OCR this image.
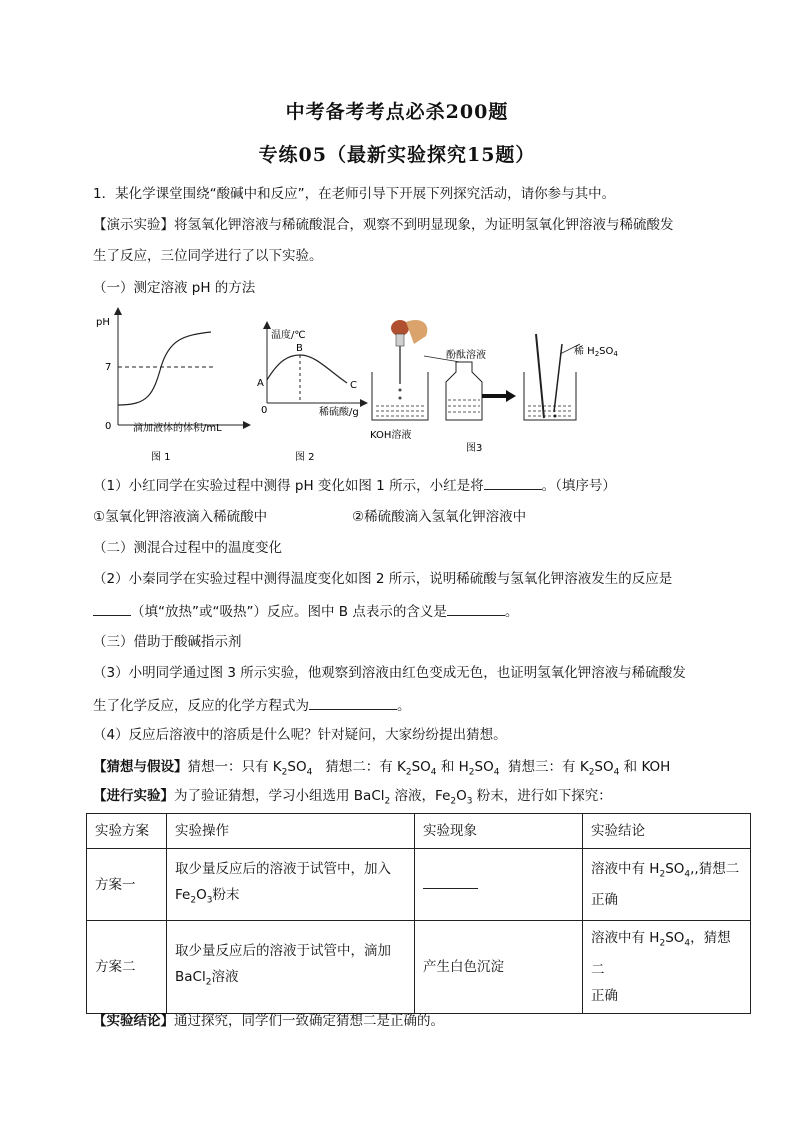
中考备考考点必杀200题
专练05（最新实验探究15题）
1．某化学课堂围绕“酸碱中和反应”，在老师引导下开展下列探究活动，请你参与其中。
【演示实验】将氢氧化钾溶液与稀硫酸混合，观察不到明显现象，为证明氢氧化钾溶液与稀硫酸发
生了反应，三位同学进行了以下实验。
（一）测定溶液 pH 的方法
pH
7
0 滴加液体的体积/mL
图 1
温度/℃
A
B
C
0	稀硫酸/g
图 2
KOH溶液
酚酞溶液
图3
稀 $H_2SO_4$
（1）小红同学在实验过程中测得 pH 变化如图 1 所示，小红是将	。（填序号）
①氢氧化钾溶液滴入稀硫酸中	②稀硫酸滴入氢氧化钾溶液中
（二）测混合过程中的温度变化
（2）小秦同学在实验过程中测得温度变化如图 2 所示，说明稀硫酸与氢氧化钾溶液发生的反应是
（填“放热”或“吸热”）反应。图中 B 点表示的含义是	。
（三）借助于酸碱指示剂
（3）小明同学通过图 3 所示实验，他观察到溶液由红色变成无色，也证明氢氧化钾溶液与稀硫酸发
生了化学反应，反应的化学方程式为	。
（4）反应后溶液中的溶质是什么呢？针对疑问，大家纷纷提出猜想。
【猜想与假设】猜想一：只有 $K_2SO_4$ 猜想二：有 $K_2SO_4$ 和 $H_2SO_4$ 猜想三：有 $K_2SO_4$ 和 KOH
【进行实验】为了验证猜想，学习小组选用 BaCl$_2$ 溶液，$Fe_2O_3$ 粉末，进行如下探究：
实验方案	实验操作	实验现象	实验结论
方案一	取少量反应后的溶液于试管中，加入
$Fe_2O_3$粉末		溶液中有 $H_2SO_4$,,猜想二
正确
方案二	取少量反应后的溶液于试管中，滴加
BaCl$_2$溶液	产生白色沉淀	溶液中有 $H_2SO_4$，猜想二
正确
【实验结论】通过探究，同学们一致确定猜想二是正确的。
